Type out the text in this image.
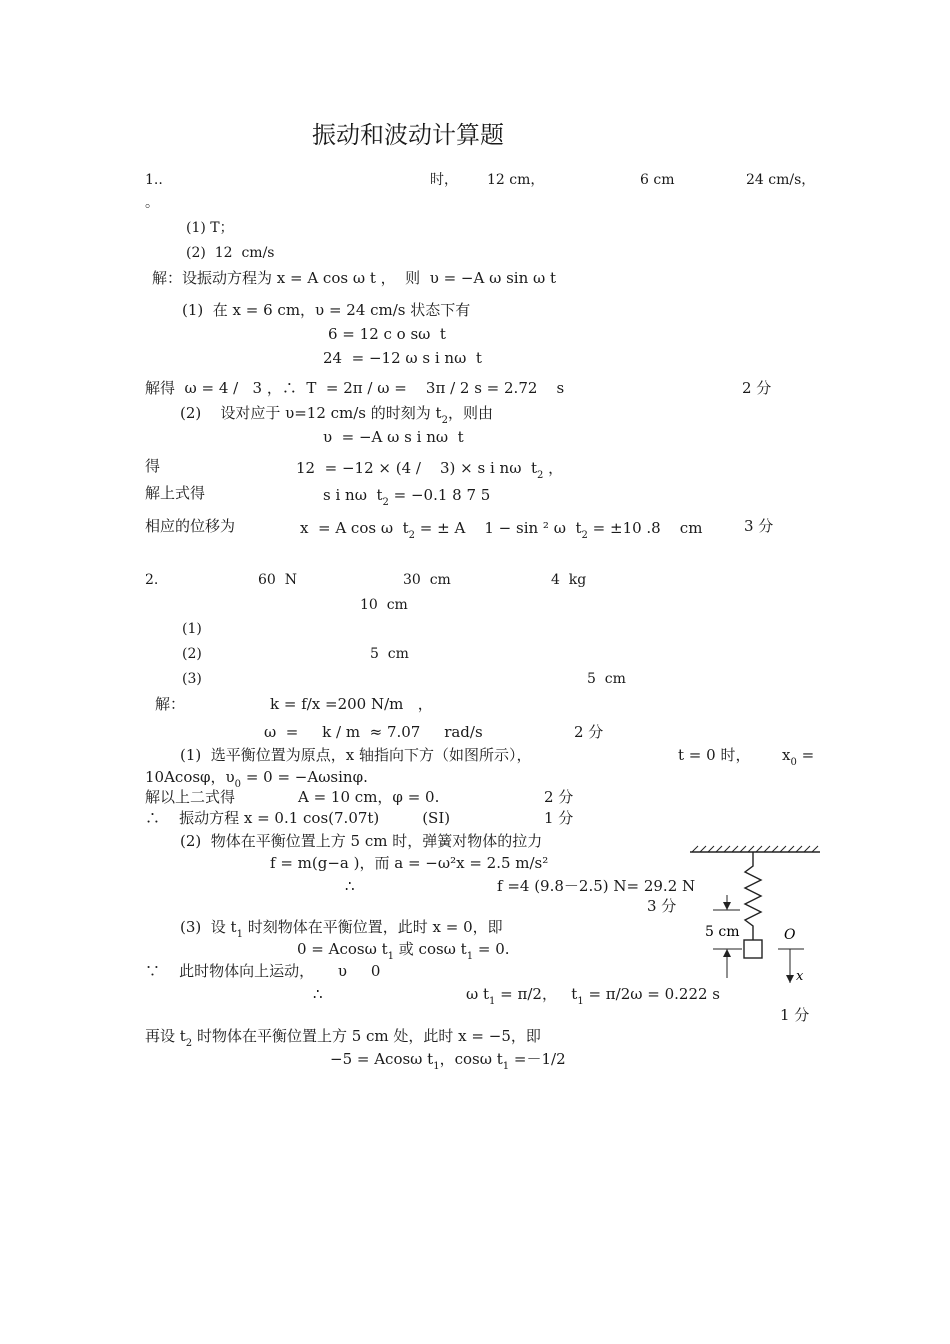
振动和波动计算题
1..	时， 12 cm，	6 cm	24 cm/s，
。
(1) T；
(2)  12  cm/s
解：设振动方程为 x = A cos ω t ，  则  υ = −A ω sin ω t
(1)  在 x = 6 cm，υ = 24 cm/s 状态下有
6 = 12 c o sω  t
24  = −12 ω s i nω  t
解得  ω = 4 /   3 ，∴  T  = 2π / ω =    3π / 2 s = 2.72    s	2 分
(2)    设对应于 υ=12 cm/s 的时刻为 $t_2$，则由
υ  = −A ω s i nω  t
得	12  = −12 × (4 /    3) × s i nω  $t_2$ ，
解上式得	s i nω  $t_2 = -0.1$ 8 7 5
相应的位移为	x  = A cos ω  $t_2$ = ± A    1 − sin ² ω  $t_2 = \pm 10$ .8    cm	3 分
2.	60  N	30  cm	4  kg
10  cm
(1)
(2)	5  cm
(3)	5  cm
解：	k = f/x =200 N/m   ，
ω  =     k / m  ≈ 7.07     rad/s	2 分
(1)  选平衡位置为原点，x 轴指向下方（如图所示），	t = 0 时， $x_0$ =
10Acosφ，$\upsilon_0 = 0 = -A\omega\sin\varphi$.
解以上二式得	A = 10 cm，φ = 0.	2 分
∴    振动方程 x = 0.1 cos(7.07t)         (SI)	1 分
(2)  物体在平衡位置上方 5 cm 时，弹簧对物体的拉力
f = m(g−a )，而 a = −ω²x = 2.5 m/s²
∴	f =4 (9.8－2.5) N= 29.2 N
3 分
(3)  设 $t_1$ 时刻物体在平衡位置，此时 x = 0，即
0 = Acosω $t_1$ 或 cosω $t_1 = 0$.
∵    此时物体向上运动，     υ     0
∴	ω $t_1 = \pi/2$，   $t_1 = \pi/2\omega = 0.222$ s
1 分
再设 $t_2$ 时物体在平衡位置上方 5 cm 处，此时 x = −5，即
−5 = Acosω $t_1$，cosω $t_1 =-1/2$
5 cm	O
x
